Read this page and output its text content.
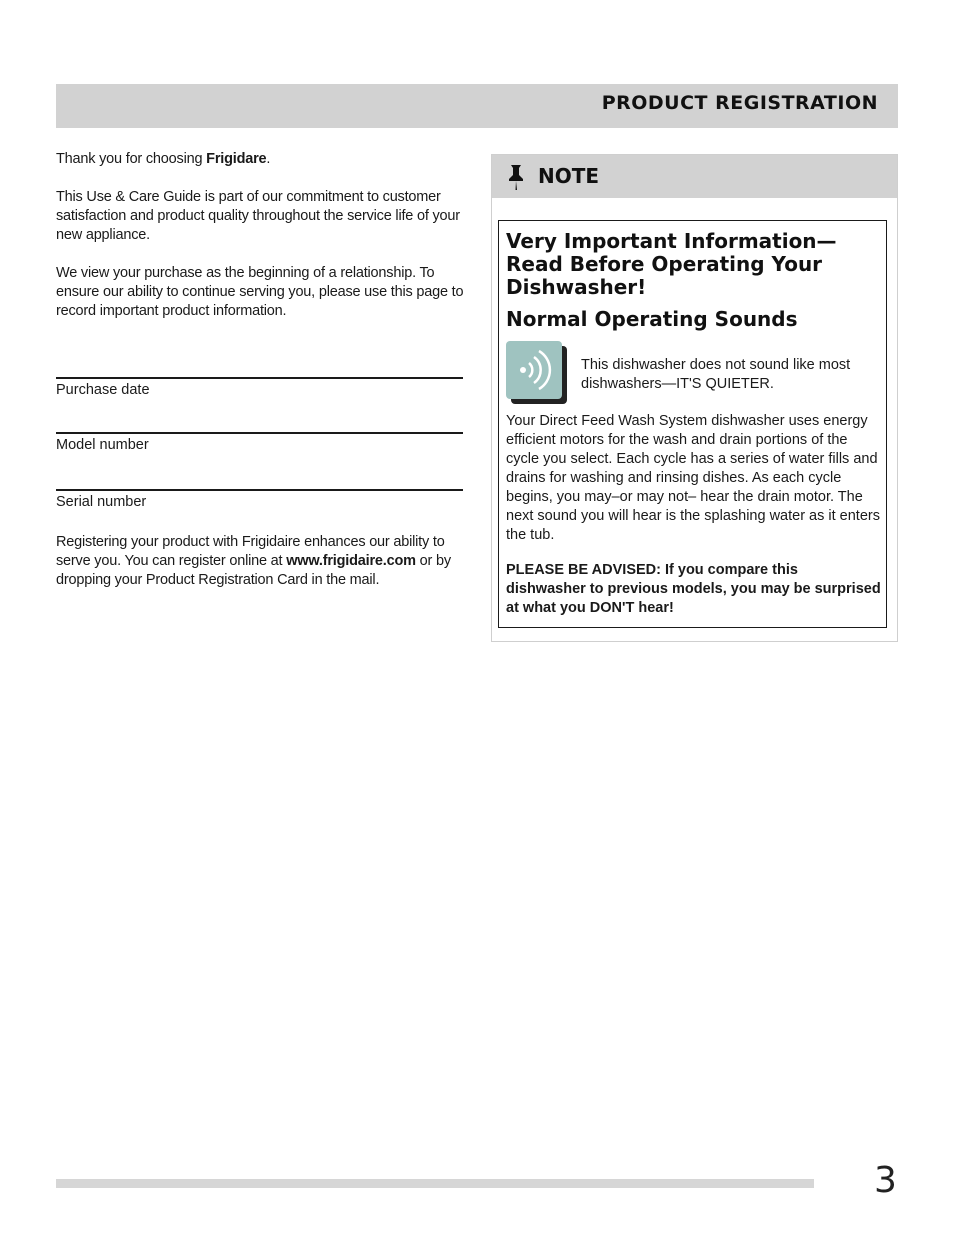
PRODUCT REGISTRATION

Thank you for choosing Frigidare.

This Use & Care Guide is part of our commitment to customer satisfaction and product quality throughout the service life of your new appliance.

We view your purchase as the beginning of a relationship. To ensure our ability to continue serving you, please use this page to record important product information.

Purchase date
Model number
Serial number
Registering your product with Frigidaire enhances our ability to serve you. You can register online at www.frigidaire.com or by dropping your Product Registration Card in the mail.
NOTE
Very Important Information— Read Before Operating Your Dishwasher!
Normal Operating Sounds
This dishwasher does not sound like most dishwashers—IT'S QUIETER.
Your Direct Feed Wash System dishwasher uses energy efficient motors for the wash and drain portions of the cycle you select. Each cycle has a series of water fills and drains for washing and rinsing dishes. As each cycle begins, you may–or may not– hear the drain motor. The next sound you will hear is the splashing water as it enters the tub.
PLEASE BE ADVISED: If you compare this dishwasher to previous models, you may be surprised at what you DON'T hear!
3
